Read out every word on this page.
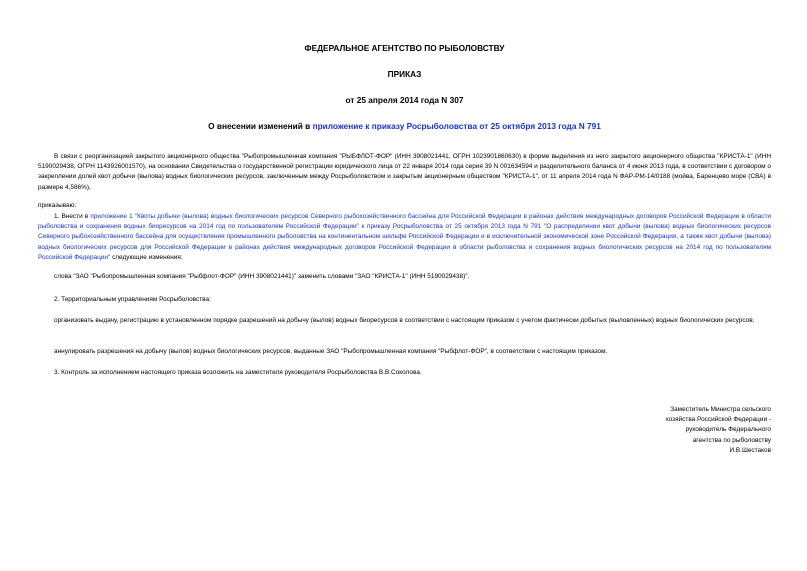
ФЕДЕРАЛЬНОЕ АГЕНТСТВО ПО РЫБОЛОВСТВУ
ПРИКАЗ
от 25 апреля 2014 года N 307
О внесении изменений в приложение к приказу Росрыболовства от 25 октября 2013 года N 791
В связи с реорганизацией закрытого акционерного общества "Рыбопромышленная компания "РЫБФЛОТ-ФОР" (ИНН 3908021441, ОГРН 1023901860630) в форме выделения из него закрытого акционерного общества "КРИСТА-1" (ИНН 5190029438, ОГРН 1143926001570), на основании Свидетельства о государственной регистрации юридического лица от 22 января 2014 года серия 39 N 001634594 и разделительного баланса от 4 июня 2013 года, в соответствии с договором о закреплении долей квот добычи (вылова) водных биологических ресурсов, заключенным между Росрыболовством и закрытым акционерным обществом "КРИСТА-1", от 11 апреля 2014 года N ФАР-РМ-14/0188 (мойва, Баренцево море (СВА) в размере 4,586%),
приказываю:
1. Внести в приложение 1 "Квоты добычи (вылова) водных биологических ресурсов Северного рыбохозяйственного бассейна для Российской Федерации в районах действия международных договоров Российской Федерации в области рыболовства и сохранения водных биоресурсов на 2014 год по пользователям Российской Федерации" к приказу Росрыболовства от 25 октября 2013 года N 791 "О распределении квот добычи (вылова) водных биологических ресурсов Северного рыбохозяйственного бассейна для осуществления промышленного рыболовства на континентальном шельфе Российской Федерации и в исключительной экономической зоне Российской Федерации, а также квот добычи (вылова) водных биологических ресурсов для Российской Федерации в районах действия международных договоров Российской Федерации в области рыболовства и сохранения водных биологических ресурсов на 2014 год по пользователям Российской Федерации" следующие изменения:
слова "ЗАО "Рыбопромышленная компания "Рыбфлот-ФОР" (ИНН 3908021441)" заменить словами "ЗАО "КРИСТА-1" (ИНН 5190029438)".
2. Территориальным управлениям Росрыболовства:
организовать выдачу, регистрацию в установленном порядке разрешений на добычу (вылов) водных биоресурсов в соответствии с настоящим приказом с учетом фактически добытых (выловленных) водных биологических ресурсов;
аннулировать разрешения на добычу (вылов) водных биологических ресурсов, выданные ЗАО "Рыбопромышленная компания "Рыбфлот-ФОР", в соответствии с настоящим приказом.
3. Контроль за исполнением настоящего приказа возложить на заместителя руководителя Росрыболовства В.В.Соколова.
Заместитель Министра сельского
хозяйства Российской Федерации -
руководитель Федерального
агентства по рыболовству
И.В.Шестаков
